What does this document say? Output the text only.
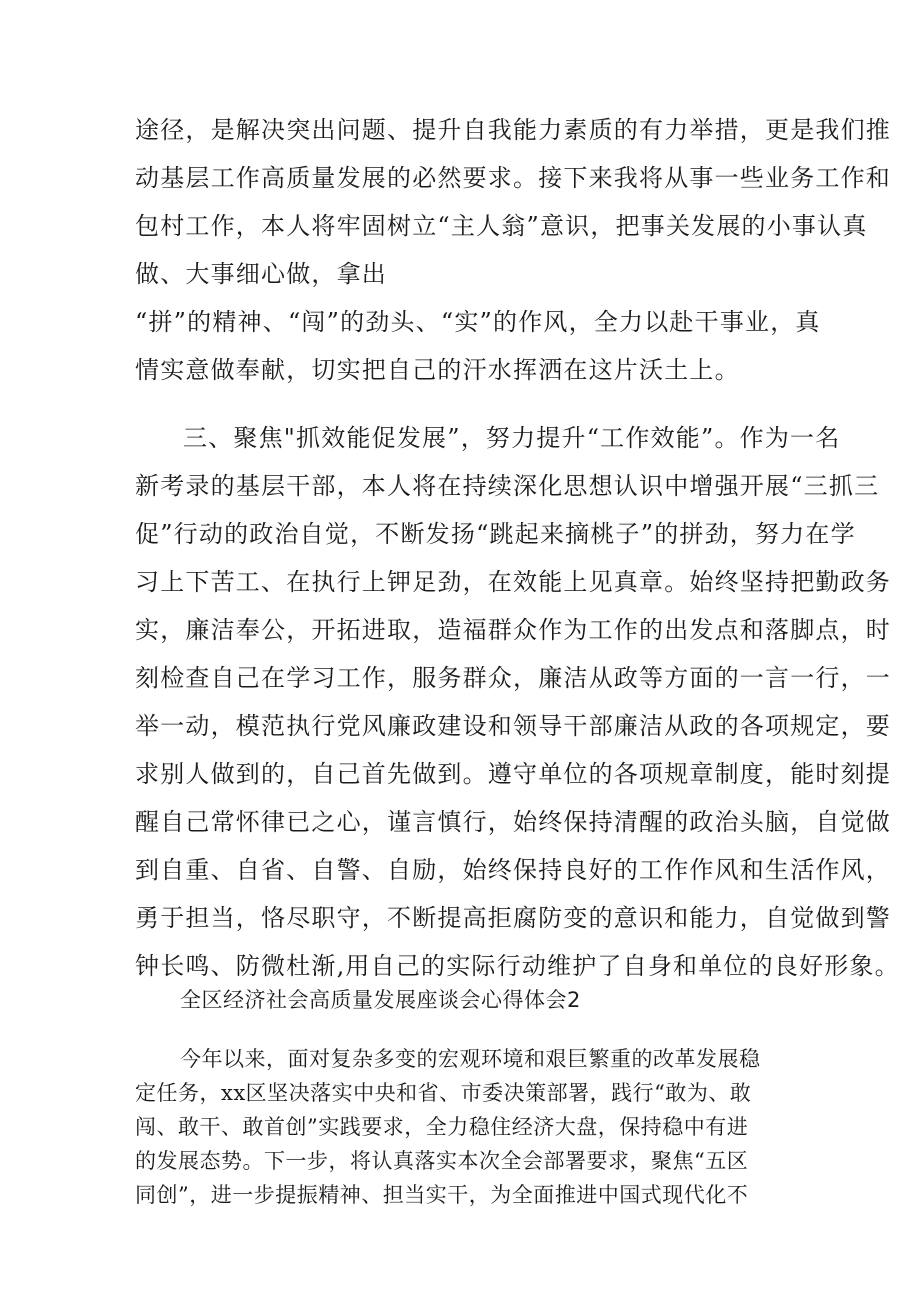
途径，是解决突出问题、提升自我能力素质的有力举措，更是我们推
动基层工作高质量发展的必然要求。接下来我将从事一些业务工作和
包村工作，本人将牢固树立“主人翁”意识，把事关发展的小事认真
做、大事细心做，拿出
“拼”的精神、“闯”的劲头、“实”的作风，全力以赴干事业，真
情实意做奉献，切实把自己的汗水挥洒在这片沃土上。
三、聚焦"抓效能促发展”，努力提升“工作效能”。作为一名
新考录的基层干部，本人将在持续深化思想认识中增强开展“三抓三
促”行动的政治自觉，不断发扬“跳起来摘桃子”的拼劲，努力在学
习上下苦工、在执行上钾足劲，在效能上见真章。始终坚持把勤政务
实，廉洁奉公，开拓进取，造福群众作为工作的出发点和落脚点，时
刻检查自己在学习工作，服务群众，廉洁从政等方面的一言一行，一
举一动，模范执行党风廉政建设和领导干部廉洁从政的各项规定，要
求别人做到的，自己首先做到。遵守单位的各项规章制度，能时刻提
醒自己常怀律已之心，谨言慎行，始终保持清醒的政治头脑，自觉做
到自重、自省、自警、自励，始终保持良好的工作作风和生活作风，
勇于担当，恪尽职守，不断提高拒腐防变的意识和能力，自觉做到警
钟长鸣、防微杜渐,用自己的实际行动维护了自身和单位的良好形象。
全区经济社会高质量发展座谈会心得体会2
今年以来，面对复杂多变的宏观环境和艰巨繁重的改革发展稳
定任务，xx区坚决落实中央和省、市委决策部署，践行“敢为、敢
闯、敢干、敢首创”实践要求，全力稳住经济大盘，保持稳中有进
的发展态势。下一步，将认真落实本次全会部署要求，聚焦“五区
同创”，进一步提振精神、担当实干，为全面推进中国式现代化不
